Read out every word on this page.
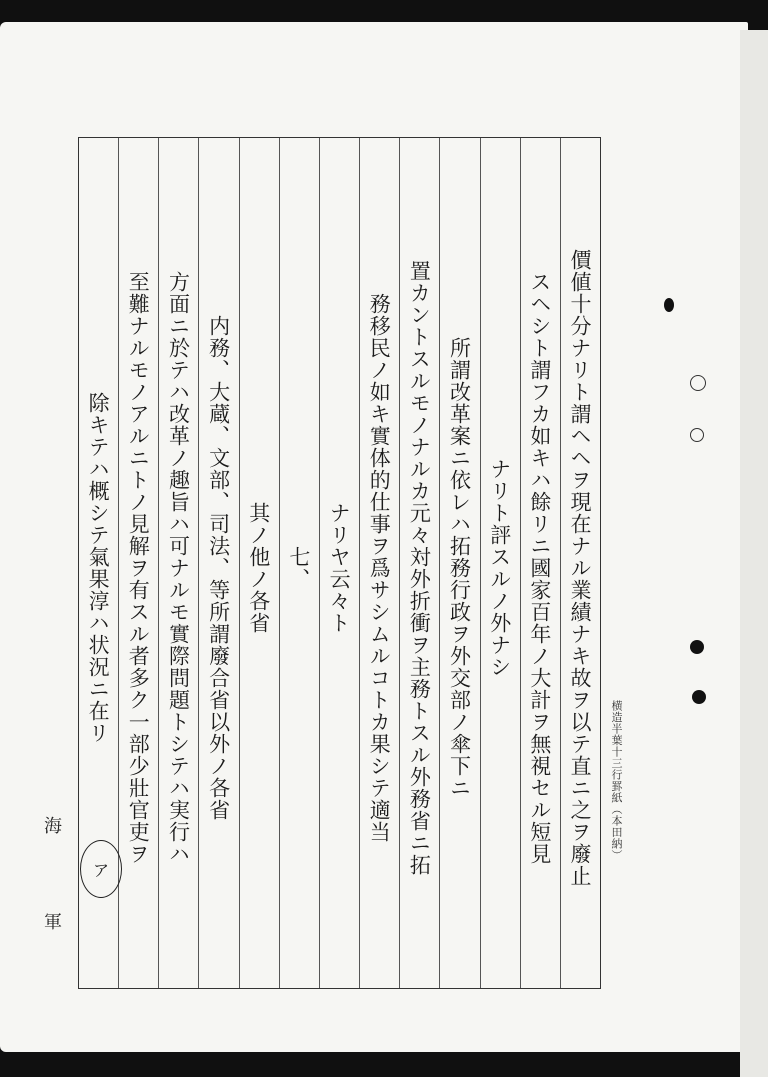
價値十分ナリト謂ヘヘヲ現在ナル業績ナキ故ヲ以テ直ニ之ヲ廢止
スヘシト謂フカ如キハ餘リニ國家百年ノ大計ヲ無視セル短見
ナリト評スルノ外ナシ
所謂改革案ニ依レハ拓務行政ヲ外交部ノ傘下ニ
置カントスルモノナルカ元々対外折衝ヲ主務トスル外務省ニ拓
務移民ノ如キ實体的仕事ヲ爲サシムルコトカ果シテ適当
ナリヤ云々ト
七、
其ノ他ノ各省
内務、大蔵、文部、司法、等所謂廢合省以外ノ各省
方面ニ於テハ改革ノ趣旨ハ可ナルモ實際問題トシテハ実行ハ
至難ナルモノアルニトノ見解ヲ有スル者多ク一部少壯官吏ヲ
除キテハ概シテ氣果淳ハ状況ニ在リ
海
軍
ア
横造半葉十三行罫紙（本田納）
